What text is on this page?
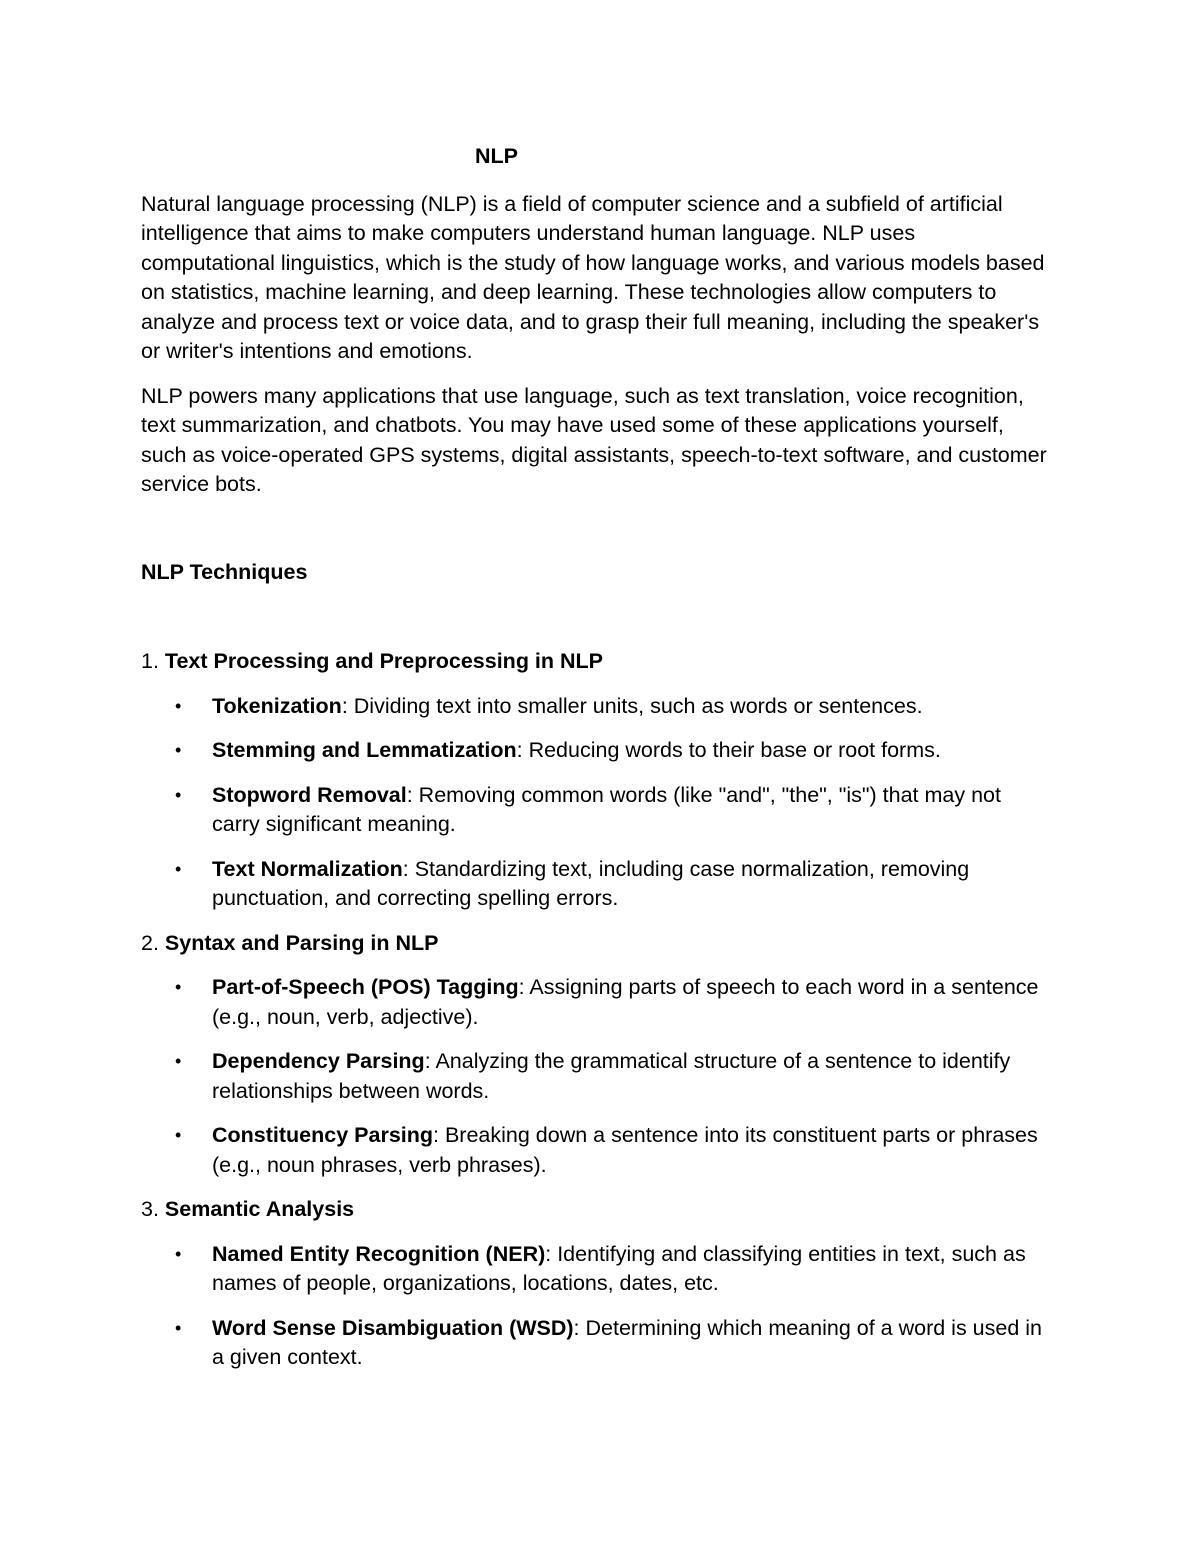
NLP

Natural language processing (NLP) is a field of computer science and a subfield of artificial intelligence that aims to make computers understand human language. NLP uses computational linguistics, which is the study of how language works, and various models based on statistics, machine learning, and deep learning. These technologies allow computers to analyze and process text or voice data, and to grasp their full meaning, including the speaker's or writer's intentions and emotions.

NLP powers many applications that use language, such as text translation, voice recognition, text summarization, and chatbots. You may have used some of these applications yourself, such as voice-operated GPS systems, digital assistants, speech-to-text software, and customer service bots.

NLP Techniques
1. Text Processing and Preprocessing in NLP
• Tokenization: Dividing text into smaller units, such as words or sentences.
• Stemming and Lemmatization: Reducing words to their base or root forms.
• Stopword Removal: Removing common words (like "and", "the", "is") that may not carry significant meaning.
• Text Normalization: Standardizing text, including case normalization, removing punctuation, and correcting spelling errors.
2. Syntax and Parsing in NLP
• Part-of-Speech (POS) Tagging: Assigning parts of speech to each word in a sentence (e.g., noun, verb, adjective).
• Dependency Parsing: Analyzing the grammatical structure of a sentence to identify relationships between words.
• Constituency Parsing: Breaking down a sentence into its constituent parts or phrases (e.g., noun phrases, verb phrases).
3. Semantic Analysis
• Named Entity Recognition (NER): Identifying and classifying entities in text, such as names of people, organizations, locations, dates, etc.
• Word Sense Disambiguation (WSD): Determining which meaning of a word is used in a given context.
